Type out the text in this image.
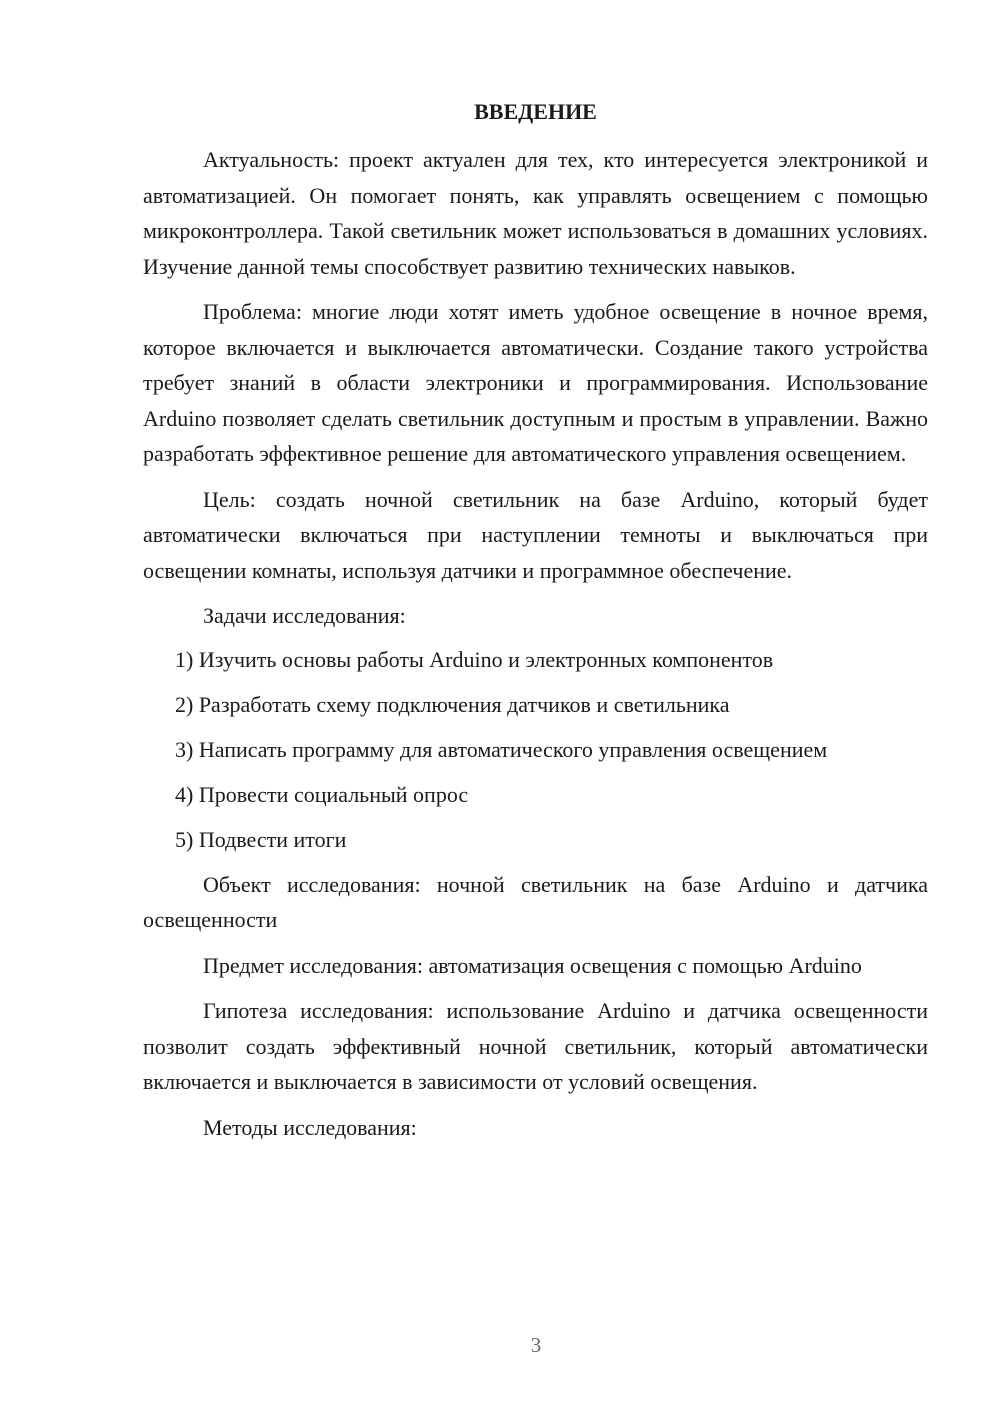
ВВЕДЕНИЕ

Актуальность: проект актуален для тех, кто интересуется электроникой и автоматизацией. Он помогает понять, как управлять освещением с помощью микроконтроллера. Такой светильник может использоваться в домашних условиях. Изучение данной темы способствует развитию технических навыков.

Проблема: многие люди хотят иметь удобное освещение в ночное время, которое включается и выключается автоматически. Создание такого устройства требует знаний в области электроники и программирования. Использование Arduino позволяет сделать светильник доступным и простым в управлении. Важно разработать эффективное решение для автоматического управления освещением.

Цель: создать ночной светильник на базе Arduino, который будет автоматически включаться при наступлении темноты и выключаться при освещении комнаты, используя датчики и программное обеспечение.

Задачи исследования:

1) Изучить основы работы Arduino и электронных компонентов
2) Разработать схему подключения датчиков и светильника
3) Написать программу для автоматического управления освещением
4) Провести социальный опрос
5) Подвести итоги

Объект исследования: ночной светильник на базе Arduino и датчика освещенности

Предмет исследования: автоматизация освещения с помощью Arduino

Гипотеза исследования: использование Arduino и датчика освещенности позволит создать эффективный ночной светильник, который автоматически включается и выключается в зависимости от условий освещения.

Методы исследования:

3
